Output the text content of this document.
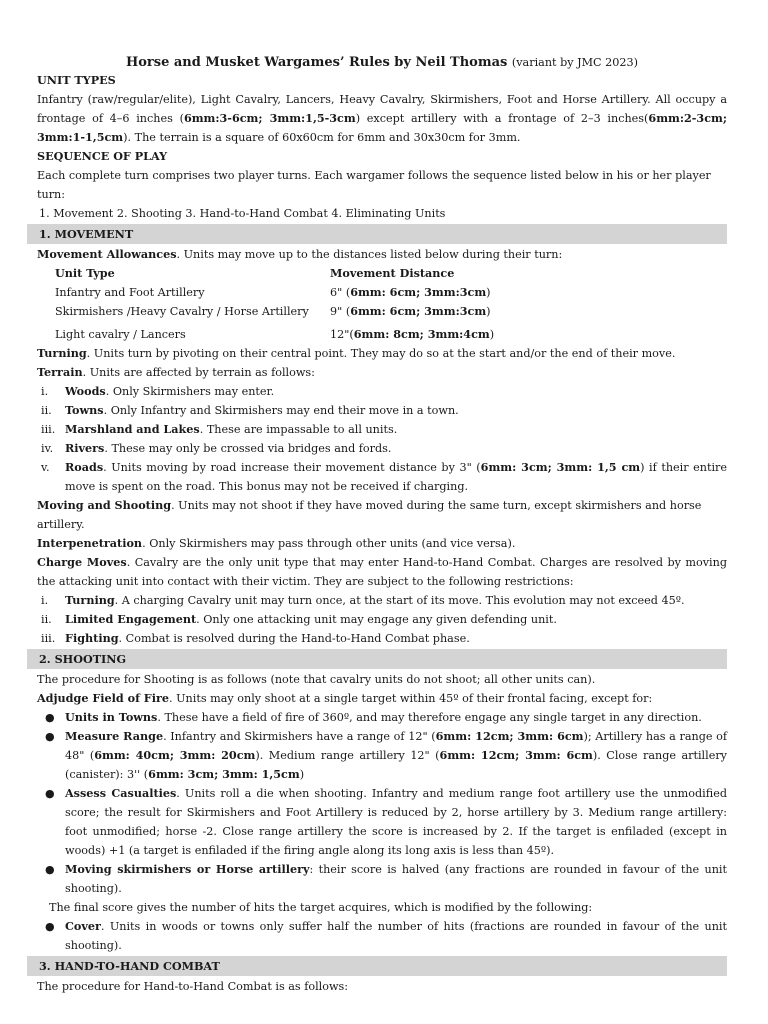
Horse and Musket Wargames’ Rules by Neil Thomas (variant by JMC 2023)
UNIT TYPES
Infantry (raw/regular/elite), Light Cavalry, Lancers, Heavy Cavalry, Skirmishers, Foot and Horse Artillery. All occupy a frontage of 4–6 inches (6mm:3-6cm; 3mm:1,5-3cm) except artillery with a frontage of 2–3 inches(6mm:2-3cm; 3mm:1-1,5cm). The terrain is a square of 60x60cm for 6mm and 30x30cm for 3mm.
SEQUENCE OF PLAY
Each complete turn comprises two player turns. Each wargamer follows the sequence listed below in his or her player turn:
1. Movement 2. Shooting 3. Hand-to-Hand Combat 4. Eliminating Units
1. MOVEMENT
Movement Allowances. Units may move up to the distances listed below during their turn:
Unit Type	Movement Distance
Infantry and Foot Artillery	6" (6mm: 6cm; 3mm:3cm)
Skirmishers /Heavy Cavalry / Horse Artillery	9" (6mm: 6cm; 3mm:3cm)
Light cavalry / Lancers	12"(6mm: 8cm; 3mm:4cm)
Turning. Units turn by pivoting on their central point. They may do so at the start and/or the end of their move.
Terrain. Units are affected by terrain as follows:
i. Woods. Only Skirmishers may enter.
ii. Towns. Only Infantry and Skirmishers may end their move in a town.
iii. Marshland and Lakes. These are impassable to all units.
iv. Rivers. These may only be crossed via bridges and fords.
v. Roads. Units moving by road increase their movement distance by 3" (6mm: 3cm; 3mm: 1,5 cm) if their entire move is spent on the road. This bonus may not be received if charging.
Moving and Shooting. Units may not shoot if they have moved during the same turn, except skirmishers and horse artillery.
Interpenetration. Only Skirmishers may pass through other units (and vice versa).
Charge Moves. Cavalry are the only unit type that may enter Hand-to-Hand Combat. Charges are resolved by moving the attacking unit into contact with their victim. They are subject to the following restrictions:
i. Turning. A charging Cavalry unit may turn once, at the start of its move. This evolution may not exceed 45º.
ii. Limited Engagement. Only one attacking unit may engage any given defending unit.
iii. Fighting. Combat is resolved during the Hand-to-Hand Combat phase.
2. SHOOTING
The procedure for Shooting is as follows (note that cavalry units do not shoot; all other units can).
Adjudge Field of Fire. Units may only shoot at a single target within 45º of their frontal facing, except for:
● Units in Towns. These have a field of fire of 360º, and may therefore engage any single target in any direction.
● Measure Range. Infantry and Skirmishers have a range of 12" (6mm: 12cm; 3mm: 6cm); Artillery has a range of 48" (6mm: 40cm; 3mm: 20cm). Medium range artillery 12" (6mm: 12cm; 3mm: 6cm). Close range artillery (canister): 3'' (6mm: 3cm; 3mm: 1,5cm)
● Assess Casualties. Units roll a die when shooting. Infantry and medium range foot artillery use the unmodified score; the result for Skirmishers and Foot Artillery is reduced by 2, horse artillery by 3. Medium range artillery: foot unmodified; horse -2. Close range artillery the score is increased by 2. If the target is enfiladed (except in woods) +1 (a target is enfiladed if the firing angle along its long axis is less than 45º).
● Moving skirmishers or Horse artillery: their score is halved (any fractions are rounded in favour of the unit shooting).
The final score gives the number of hits the target acquires, which is modified by the following:
● Cover. Units in woods or towns only suffer half the number of hits (fractions are rounded in favour of the unit shooting).
3. HAND-TO-HAND COMBAT
The procedure for Hand-to-Hand Combat is as follows:
